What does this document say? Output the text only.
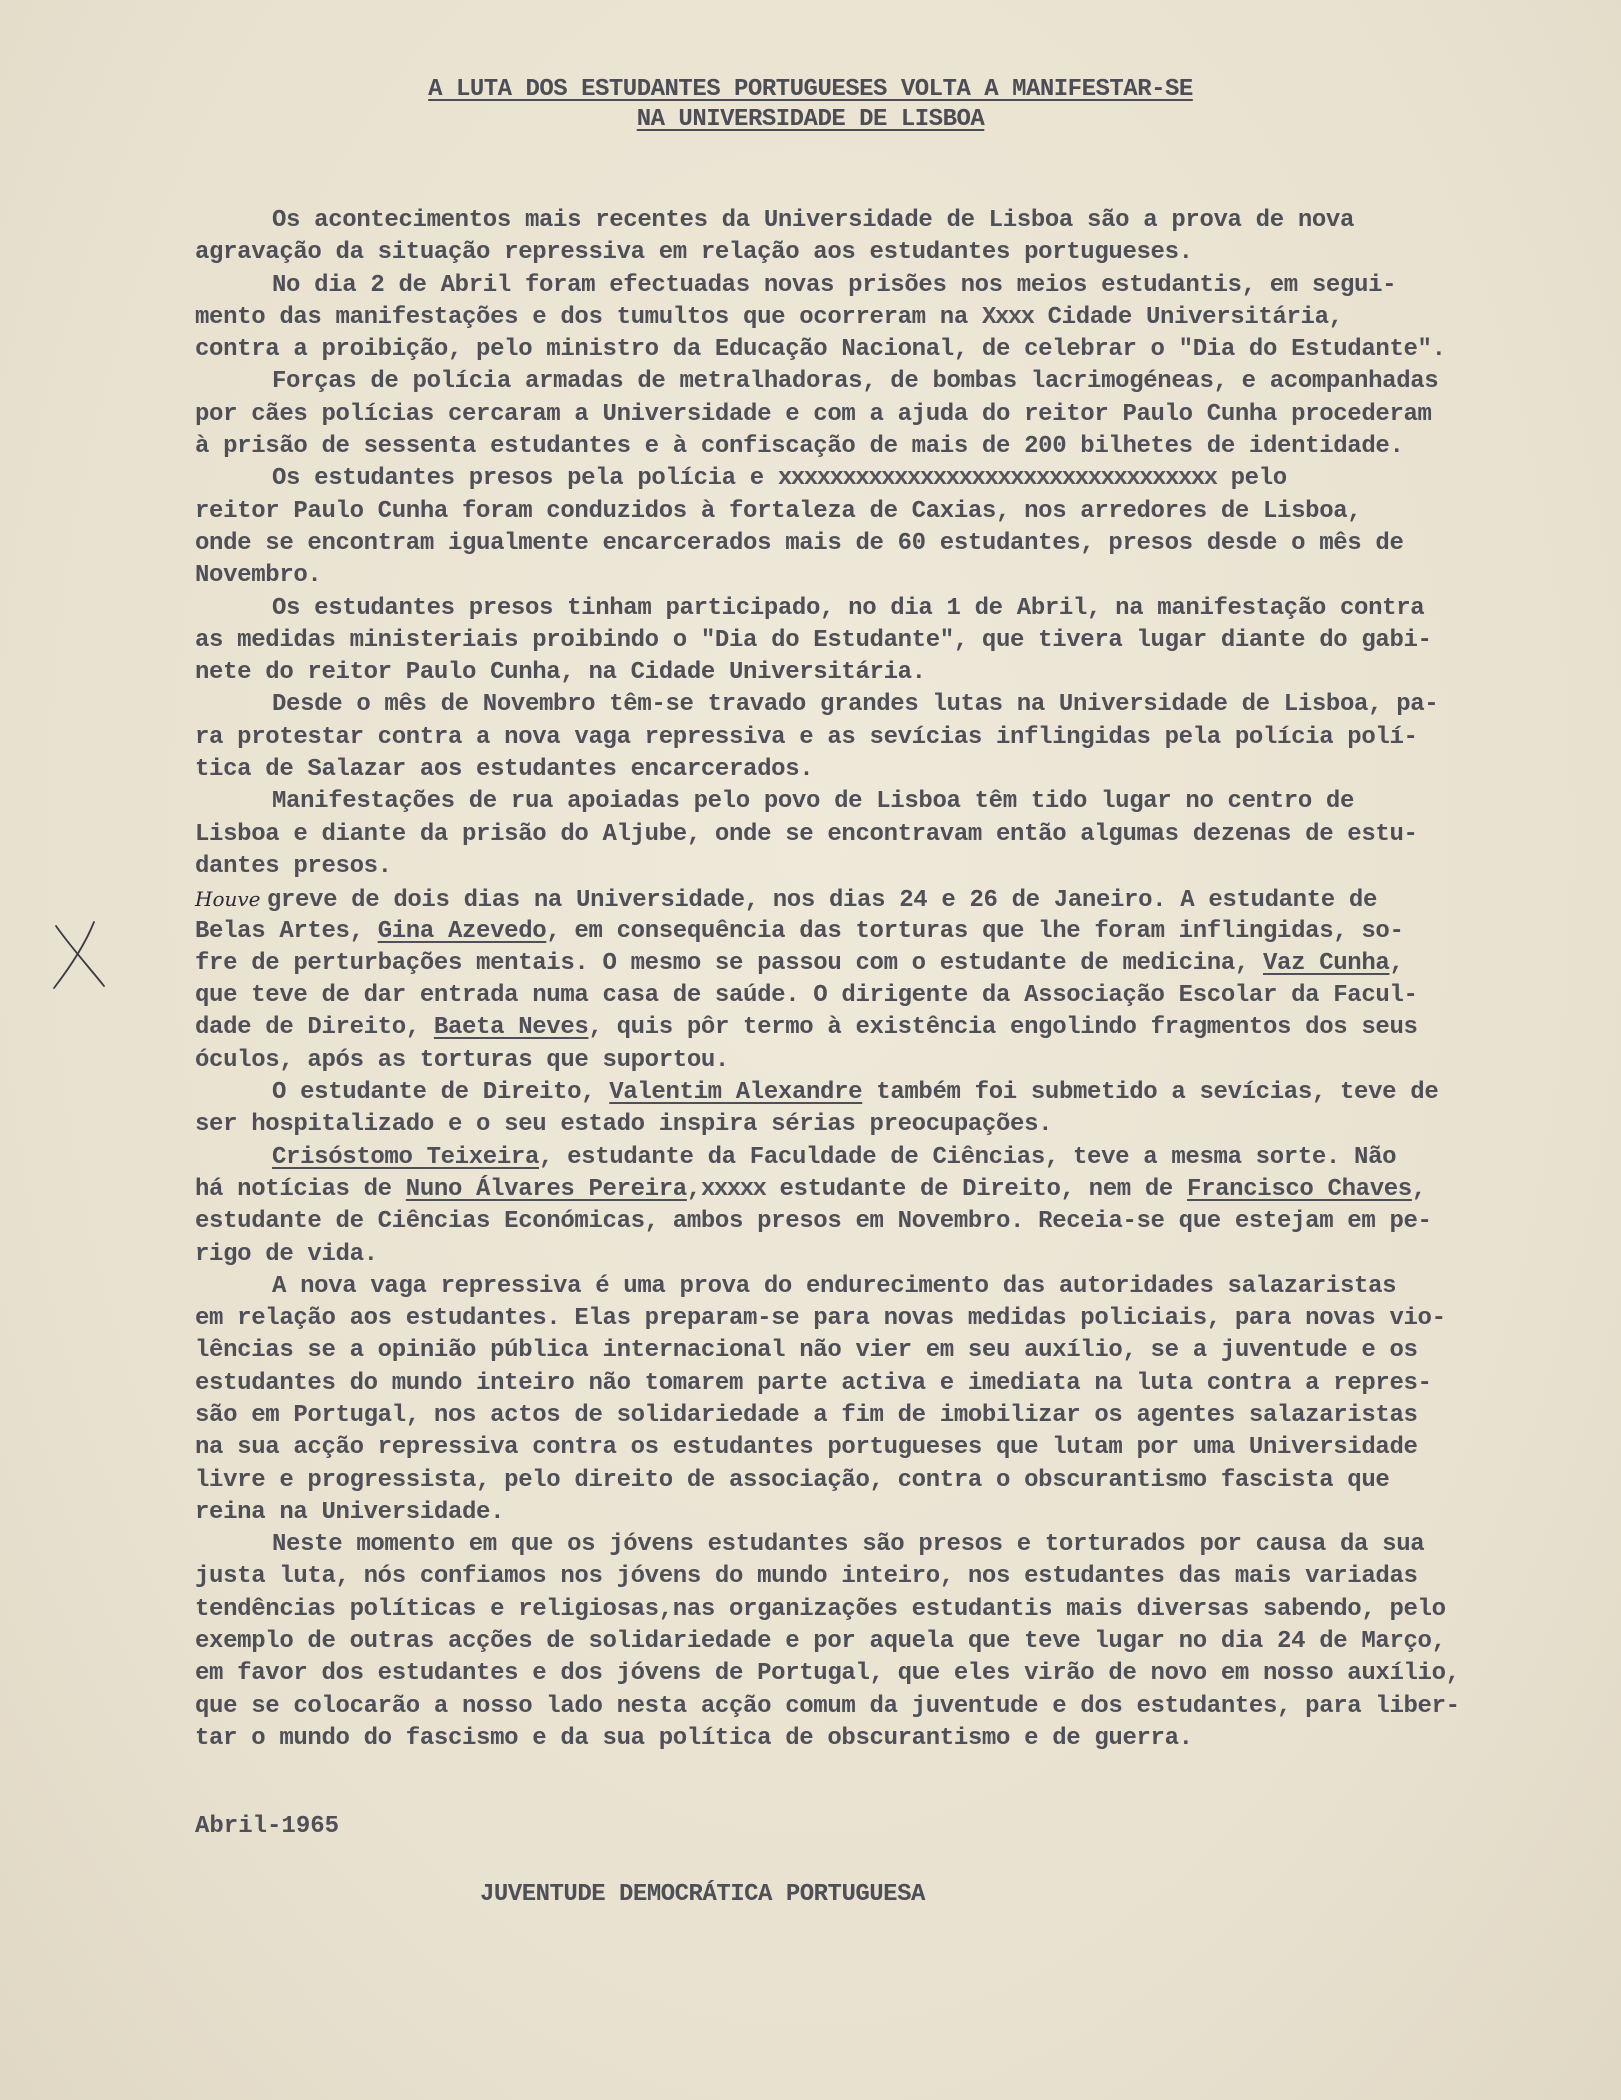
A LUTA DOS ESTUDANTES PORTUGUESES VOLTA A MANIFESTAR-SE
NA UNIVERSIDADE DE LISBOA
Os acontecimentos mais recentes da Universidade de Lisboa são a prova de nova
agravação da situação repressiva em relação aos estudantes portugueses.
No dia 2 de Abril foram efectuadas novas prisões nos meios estudantis, em segui-
mento das manifestações e dos tumultos que ocorreram na Xxxx Cidade Universitária,
contra a proibição, pelo ministro da Educação Nacional, de celebrar o "Dia do Estudante".
Forças de polícia armadas de metralhadoras, de bombas lacrimogéneas, e acompanhadas
por cães polícias cercaram a Universidade e com a ajuda do reitor Paulo Cunha procederam
à prisão de sessenta estudantes e à confiscação de mais de 200 bilhetes de identidade.
Os estudantes presos pela polícia e xxxxxxxxxxxxxxxxxxxxxxxxxxxxxxxxxx pelo
reitor Paulo Cunha foram conduzidos à fortaleza de Caxias, nos arredores de Lisboa,
onde se encontram igualmente encarcerados mais de 60 estudantes, presos desde o mês de
Novembro.
Os estudantes presos tinham participado, no dia 1 de Abril, na manifestação contra
as medidas ministeriais proibindo o "Dia do Estudante", que tivera lugar diante do gabi-
nete do reitor Paulo Cunha, na Cidade Universitária.
Desde o mês de Novembro têm-se travado grandes lutas na Universidade de Lisboa, pa-
ra protestar contra a nova vaga repressiva e as sevícias inflingidas pela polícia polí-
tica de Salazar aos estudantes encarcerados.
Manifestações de rua apoiadas pelo povo de Lisboa têm tido lugar no centro de
Lisboa e diante da prisão do Aljube, onde se encontravam então algumas dezenas de estu-
dantes presos.
Houve greve de dois dias na Universidade, nos dias 24 e 26 de Janeiro. A estudante de
Belas Artes, Gina Azevedo, em consequência das torturas que lhe foram inflingidas, so-
fre de perturbações mentais. O mesmo se passou com o estudante de medicina, Vaz Cunha,
que teve de dar entrada numa casa de saúde. O dirigente da Associação Escolar da Facul-
dade de Direito, Baeta Neves, quis pôr termo à existência engolindo fragmentos dos seus
óculos, após as torturas que suportou.
O estudante de Direito, Valentim Alexandre também foi submetido a sevícias, teve de
ser hospitalizado e o seu estado inspira sérias preocupações.
Crisóstomo Teixeira, estudante da Faculdade de Ciências, teve a mesma sorte. Não
há notícias de Nuno Álvares Pereira,xxxxx estudante de Direito, nem de Francisco Chaves,
estudante de Ciências Económicas, ambos presos em Novembro. Receia-se que estejam em pe-
rigo de vida.
A nova vaga repressiva é uma prova do endurecimento das autoridades salazaristas
em relação aos estudantes. Elas preparam-se para novas medidas policiais, para novas vio-
lências se a opinião pública internacional não vier em seu auxílio, se a juventude e os
estudantes do mundo inteiro não tomarem parte activa e imediata na luta contra a repres-
são em Portugal, nos actos de solidariedade a fim de imobilizar os agentes salazaristas
na sua acção repressiva contra os estudantes portugueses que lutam por uma Universidade
livre e progressista, pelo direito de associação, contra o obscurantismo fascista que
reina na Universidade.
Neste momento em que os jóvens estudantes são presos e torturados por causa da sua
justa luta, nós confiamos nos jóvens do mundo inteiro, nos estudantes das mais variadas
tendências políticas e religiosas,nas organizações estudantis mais diversas sabendo, pelo
exemplo de outras acções de solidariedade e por aquela que teve lugar no dia 24 de Março,
em favor dos estudantes e dos jóvens de Portugal, que eles virão de novo em nosso auxílio,
que se colocarão a nosso lado nesta acção comum da juventude e dos estudantes, para liber-
tar o mundo do fascismo e da sua política de obscurantismo e de guerra.
Abril-1965
JUVENTUDE DEMOCRÁTICA PORTUGUESA
